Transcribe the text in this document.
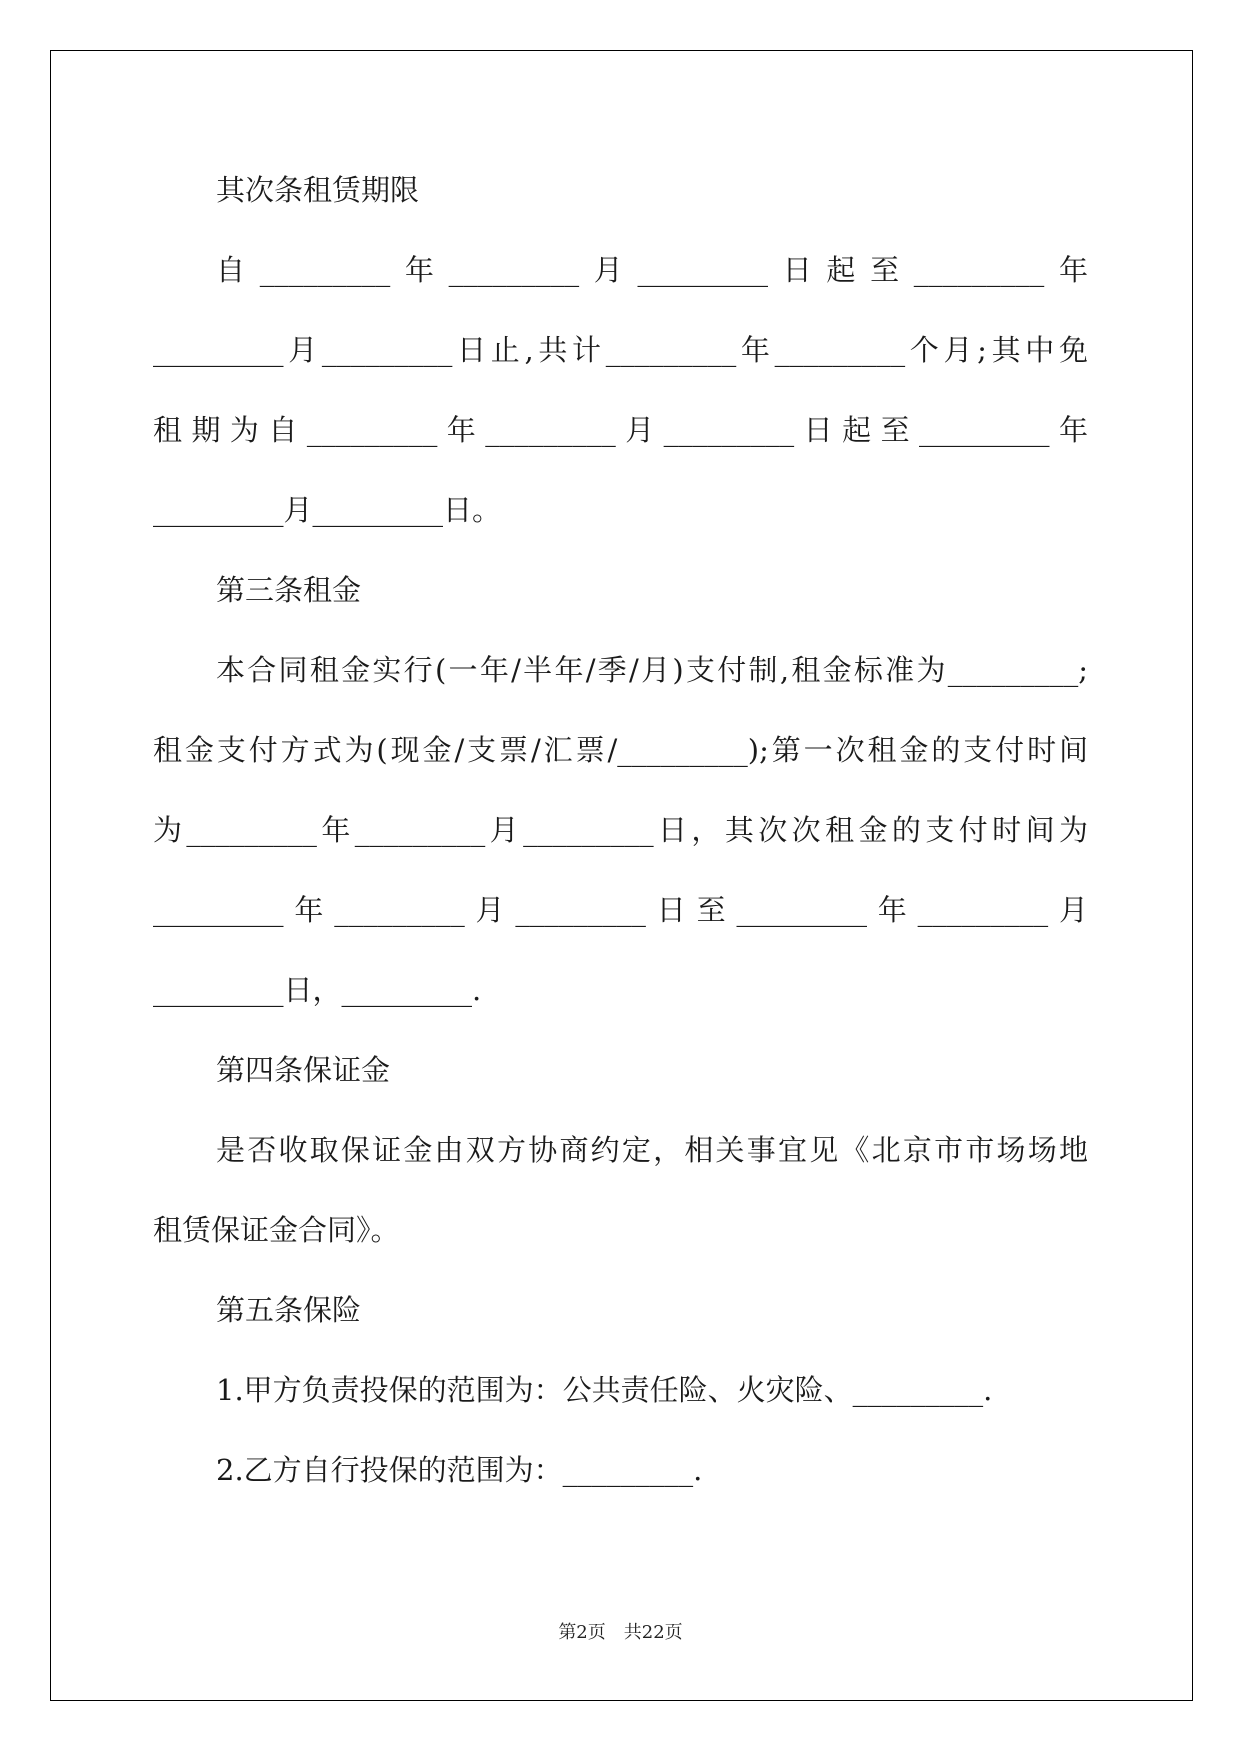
其次条租赁期限

自_________年_________月_________日起至_________年

_________月_________日止,共计_________年_________个月;其中免

租期为自_________年_________月_________日起至_________年

_________月_________日。

第三条租金

本合同租金实行(一年/半年/季/月)支付制,租金标准为_________;

租金支付方式为(现金/支票/汇票/_________);第一次租金的支付时间

为_________年_________月_________日，其次次租金的支付时间为

_________年_________月_________日至_________年_________月

_________日，_________.

第四条保证金

是否收取保证金由双方协商约定，相关事宜见《北京市市场场地

租赁保证金合同》。

第五条保险

1.甲方负责投保的范围为：公共责任险、火灾险、_________.

2.乙方自行投保的范围为：_________.

第2页 共22页
